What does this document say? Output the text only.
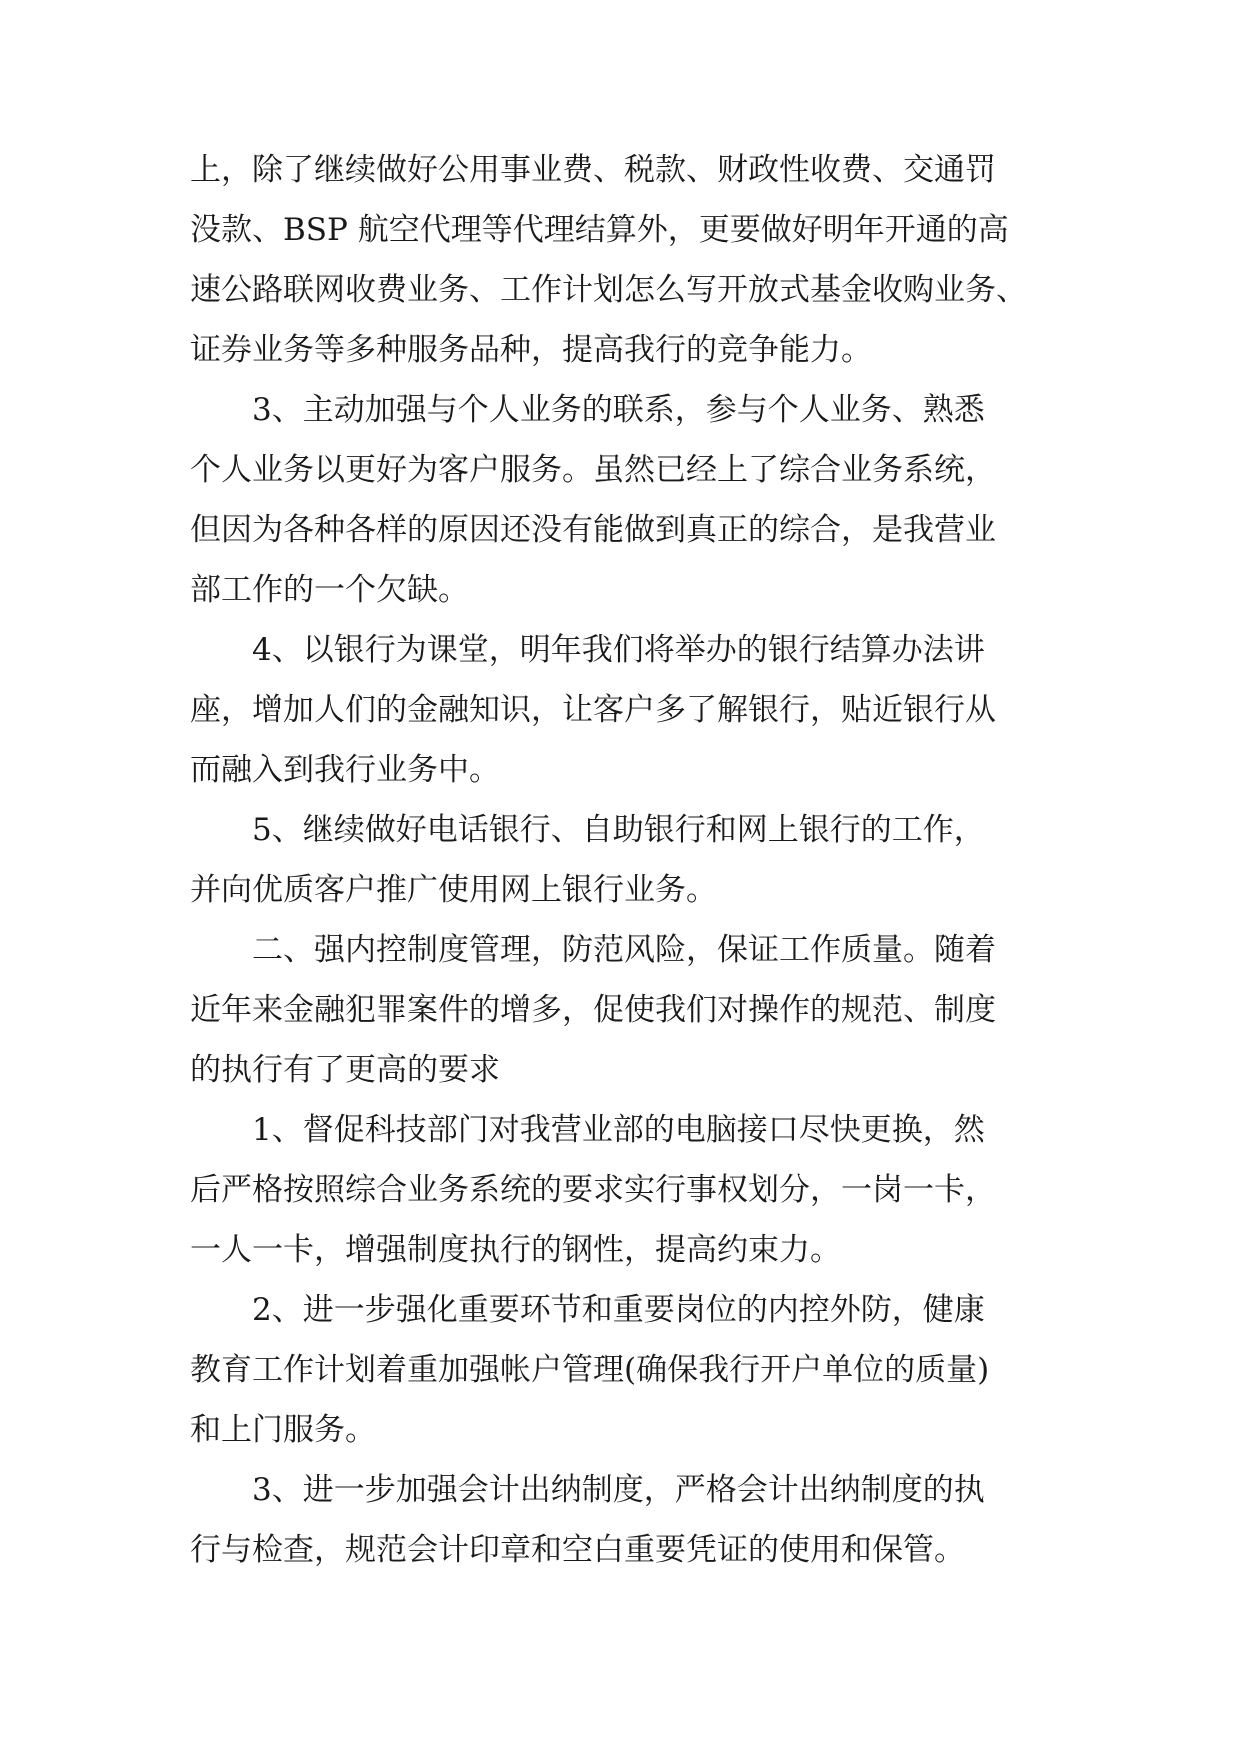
上，除了继续做好公用事业费、税款、财政性收费、交通罚
没款、BSP 航空代理等代理结算外，更要做好明年开通的高
速公路联网收费业务、工作计划怎么写开放式基金收购业务、
证券业务等多种服务品种，提高我行的竞争能力。
3、主动加强与个人业务的联系，参与个人业务、熟悉
个人业务以更好为客户服务。虽然已经上了综合业务系统，
但因为各种各样的原因还没有能做到真正的综合，是我营业
部工作的一个欠缺。
4、以银行为课堂，明年我们将举办的银行结算办法讲
座，增加人们的金融知识，让客户多了解银行，贴近银行从
而融入到我行业务中。
5、继续做好电话银行、自助银行和网上银行的工作，
并向优质客户推广使用网上银行业务。
二、强内控制度管理，防范风险，保证工作质量。随着
近年来金融犯罪案件的增多，促使我们对操作的规范、制度
的执行有了更高的要求
1、督促科技部门对我营业部的电脑接口尽快更换，然
后严格按照综合业务系统的要求实行事权划分，一岗一卡，
一人一卡，增强制度执行的钢性，提高约束力。
2、进一步强化重要环节和重要岗位的内控外防，健康
教育工作计划着重加强帐户管理(确保我行开户单位的质量)
和上门服务。
3、进一步加强会计出纳制度，严格会计出纳制度的执
行与检查，规范会计印章和空白重要凭证的使用和保管。
